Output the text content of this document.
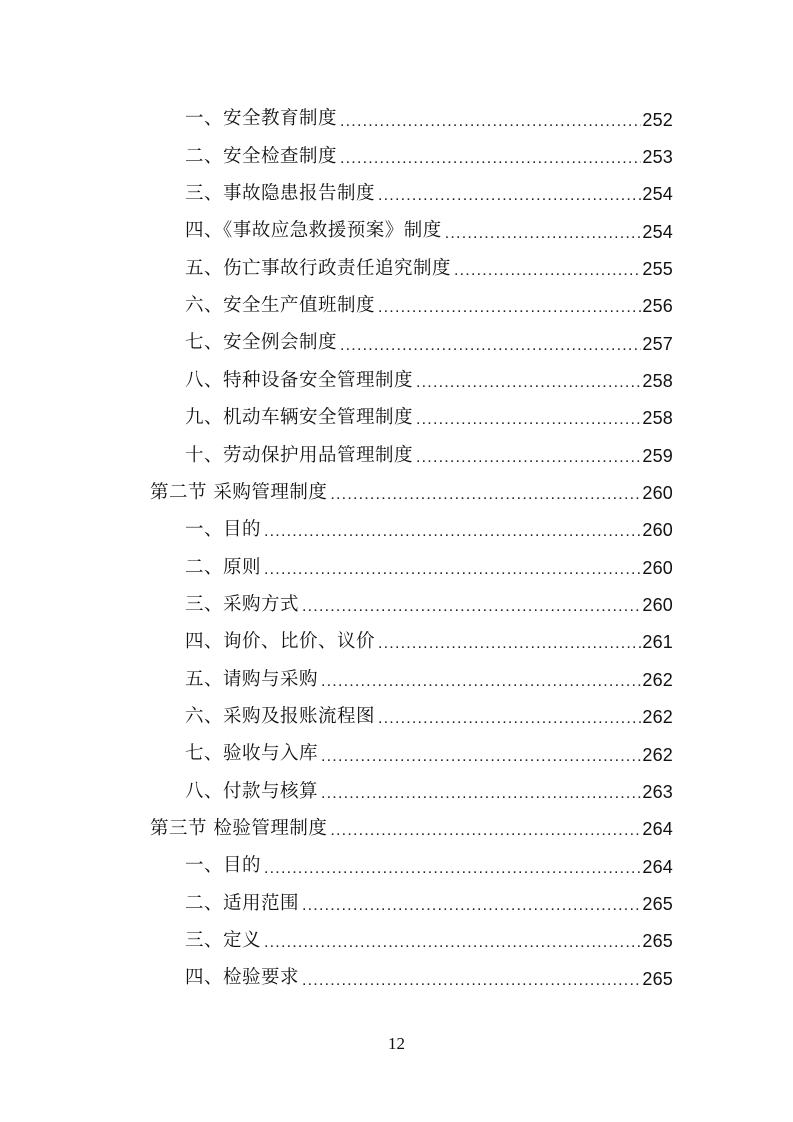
一、安全教育制度 .....	252
二、安全检查制度 .....	253
三、事故隐患报告制度 .....	254
四、《事故应急救援预案》制度 .....	254
五、伤亡事故行政责任追究制度 .....	255
六、安全生产值班制度 .....	256
七、安全例会制度 .....	257
八、特种设备安全管理制度 .....	258
九、机动车辆安全管理制度 .....	258
十、劳动保护用品管理制度 .....	259
第二节 采购管理制度 .....	260
一、目的 .....	260
二、原则 .....	260
三、采购方式 .....	260
四、询价、比价、议价 .....	261
五、请购与采购 .....	262
六、采购及报账流程图 .....	262
七、验收与入库 .....	262
八、付款与核算 .....	263
第三节 检验管理制度 .....	264
一、目的 .....	264
二、适用范围 .....	265
三、定义 .....	265
四、检验要求 .....	265
12
